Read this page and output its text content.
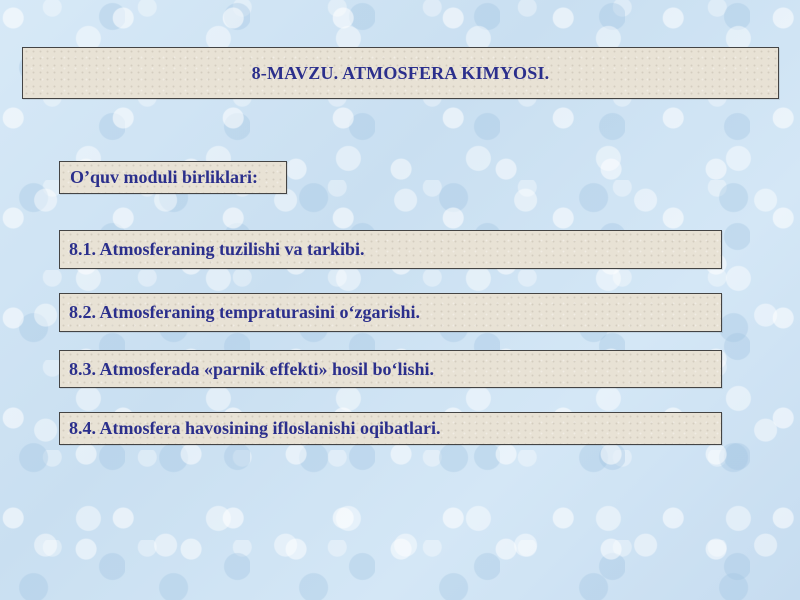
8-MAVZU. ATMOSFERA KIMYOSI.
O’quv moduli birliklari:
8.1. Atmosferaning tuzilishi va tarkibi.
8.2. Atmosferaning tempraturasini o‘zgarishi.
8.3. Atmosferada «parnik effekti» hosil bo‘lishi.
8.4. Atmosfera havosining ifloslanishi oqibatlari.
